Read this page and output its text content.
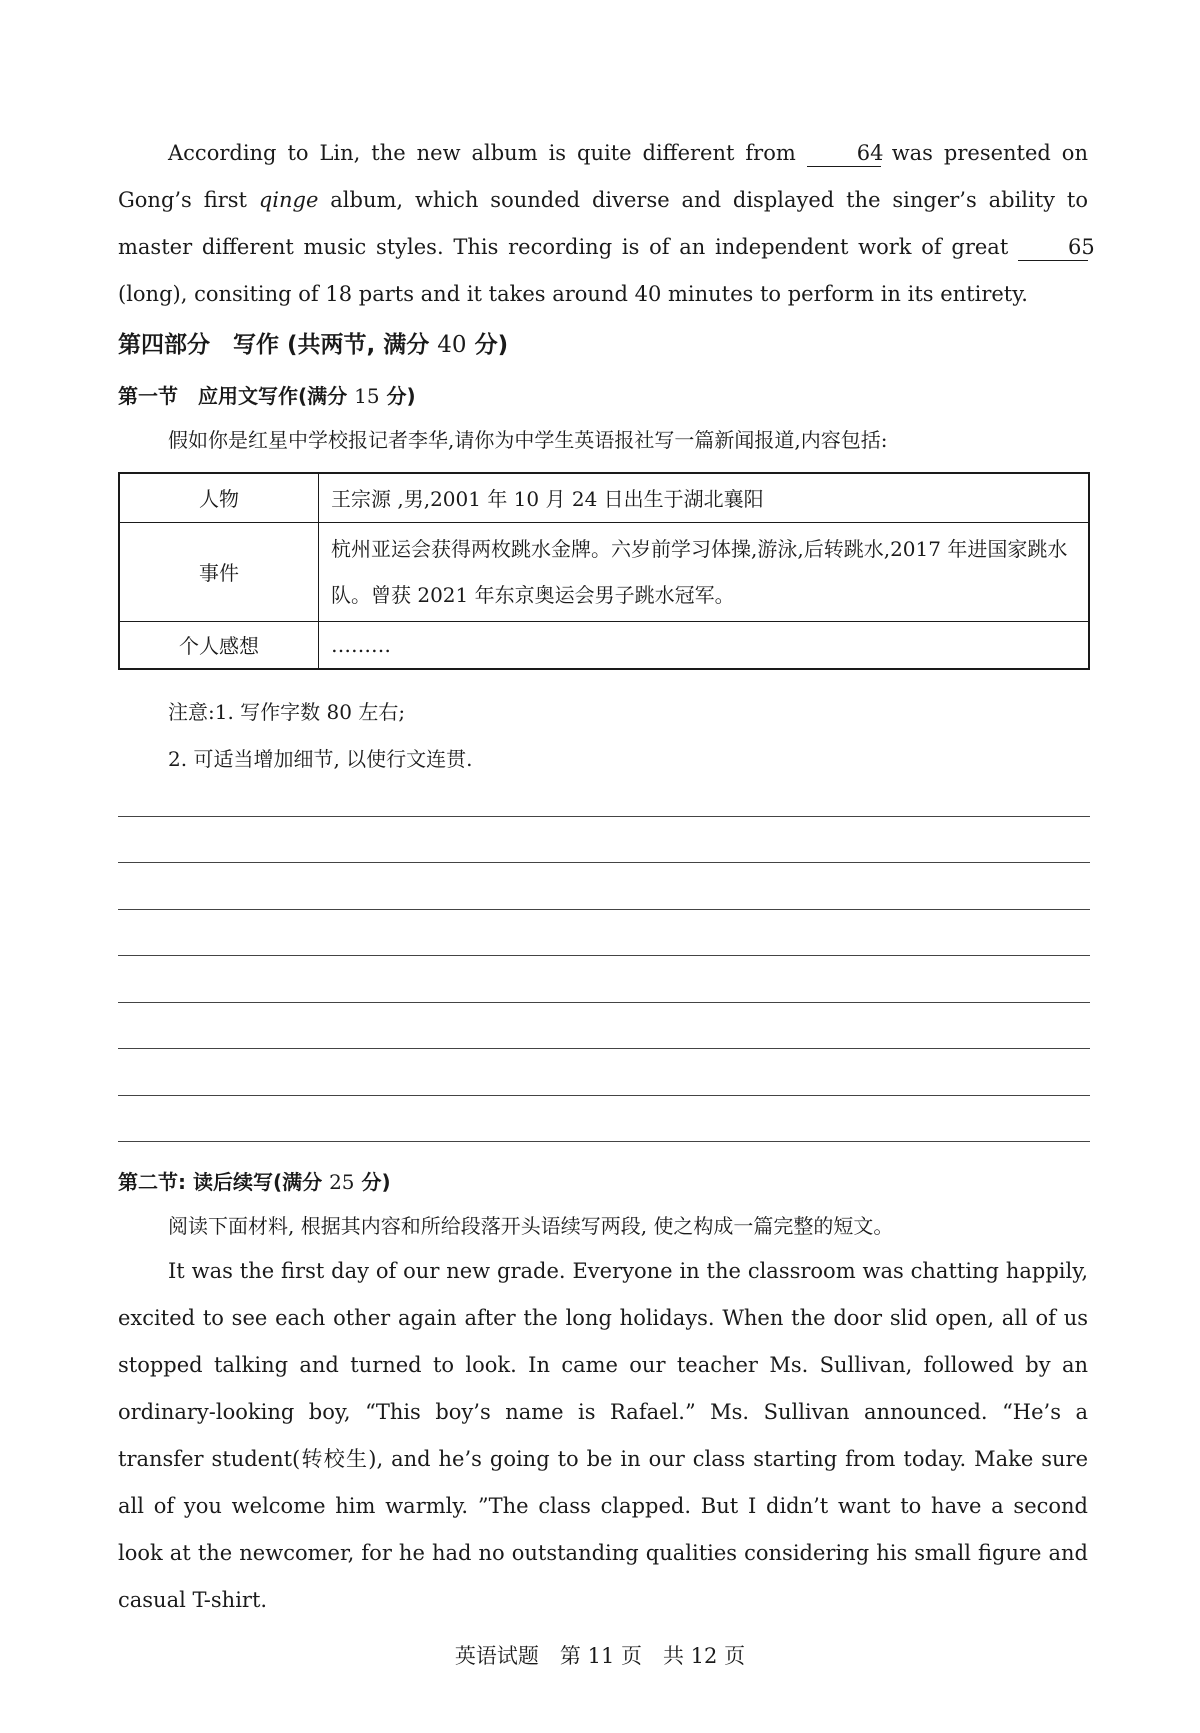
According to Lin, the new album is quite different from	64 was presented on Gong’s first qinge album, which sounded diverse and displayed the singer’s ability to master different music styles. This recording is of an independent work of great	65(long), consiting of 18 parts and it takes around 40 minutes to perform in its entirety.

第四部分　写作 (共两节, 满分 40 分)
第一节　应用文写作(满分 15 分)
假如你是红星中学校报记者李华,请你为中学生英语报社写一篇新闻报道,内容包括:
人物	王宗源 ,男,2001 年 10 月 24 日出生于湖北襄阳
事件	杭州亚运会获得两枚跳水金牌。六岁前学习体操,游泳,后转跳水,2017 年进国家跳水队。曾获 2021 年东京奥运会男子跳水冠军。
个人感想	………
注意:1. 写作字数 80 左右;
2. 可适当增加细节, 以使行文连贯.
第二节: 读后续写(满分 25 分)
阅读下面材料, 根据其内容和所给段落开头语续写两段, 使之构成一篇完整的短文。

It was the first day of our new grade. Everyone in the classroom was chatting happily, excited to see each other again after the long holidays. When the door slid open, all of us stopped talking and turned to look. In came our teacher Ms. Sullivan, followed by an ordinary-looking boy, “This boy’s name is Rafael.” Ms. Sullivan announced. “He’s a transfer student(转校生), and he’s going to be in our class starting from today. Make sure all of you welcome him warmly. ”The class clapped. But I didn’t want to have a second look at the newcomer, for he had no outstanding qualities considering his small figure and casual T-shirt.

英语试题　第 11 页　共 12 页
